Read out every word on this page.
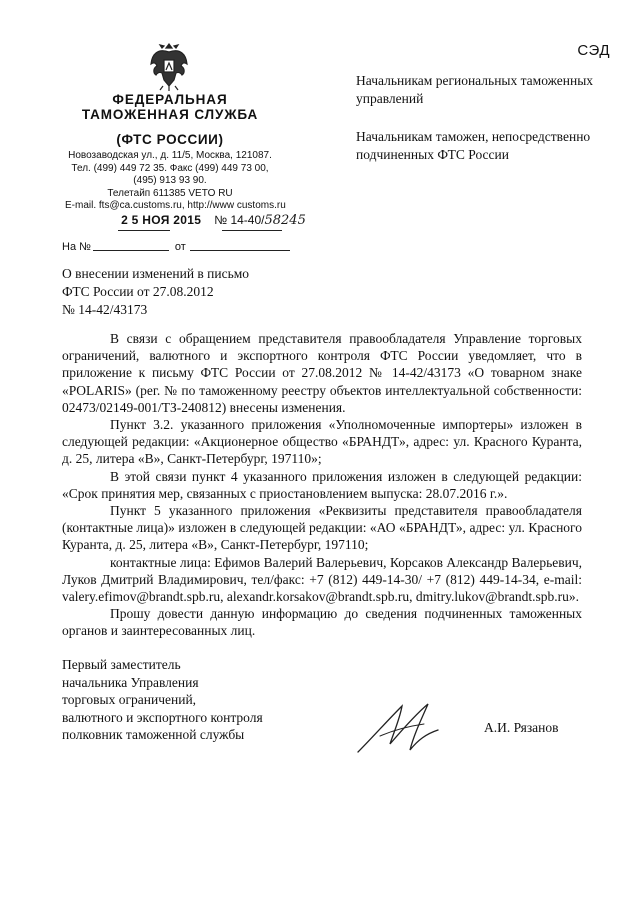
СЭД
ФЕДЕРАЛЬНАЯ
ТАМОЖЕННАЯ СЛУЖБА
(ФТС РОССИИ)
Новозаводская ул., д. 11/5, Москва, 121087.
Тел. (499) 449 72 35. Факс (499) 449 73 00,
(495) 913 93 90.
Телетайп 611385 VETO RU
E-mail. fts@ca.customs.ru, http://www customs.ru
2 5 НОЯ 2015 № 14-40/58245
На №	от
Начальникам региональных таможенных управлений
Начальникам таможен, непосредственно подчиненных ФТС России
О внесении изменений в письмо
ФТС России от 27.08.2012
№ 14-42/43173

В связи с обращением представителя правообладателя Управление торговых ограничений, валютного и экспортного контроля ФТС России уведомляет, что в приложение к письму ФТС России от 27.08.2012 № 14-42/43173 «О товарном знаке «POLARIS» (рег. № по таможенному реестру объектов интеллектуальной собственности: 02473/02149-001/ТЗ-240812) внесены изменения.

Пункт 3.2. указанного приложения «Уполномоченные импортеры» изложен в следующей редакции: «Акционерное общество «БРАНДТ», адрес: ул. Красного Куранта, д. 25, литера «В», Санкт-Петербург, 197110»;

В этой связи пункт 4 указанного приложения изложен в следующей редакции: «Срок принятия мер, связанных с приостановлением выпуска: 28.07.2016 г.».

Пункт 5 указанного приложения «Реквизиты представителя правообладателя (контактные лица)» изложен в следующей редакции: «АО «БРАНДТ», адрес: ул. Красного Куранта, д. 25, литера «В», Санкт-Петербург, 197110;

контактные лица: Ефимов Валерий Валерьевич, Корсаков Александр Валерьевич, Луков Дмитрий Владимирович, тел/факс: +7 (812) 449-14-30/ +7 (812) 449-14-34, e-mail: valery.efimov@brandt.spb.ru, alexandr.korsakov@brandt.spb.ru, dmitry.lukov@brandt.spb.ru».

Прошу довести данную информацию до сведения подчиненных таможенных органов и заинтересованных лиц.

Первый заместитель
начальника Управления
торговых ограничений,
валютного и экспортного контроля
полковник таможенной службы	А.И. Рязанов
